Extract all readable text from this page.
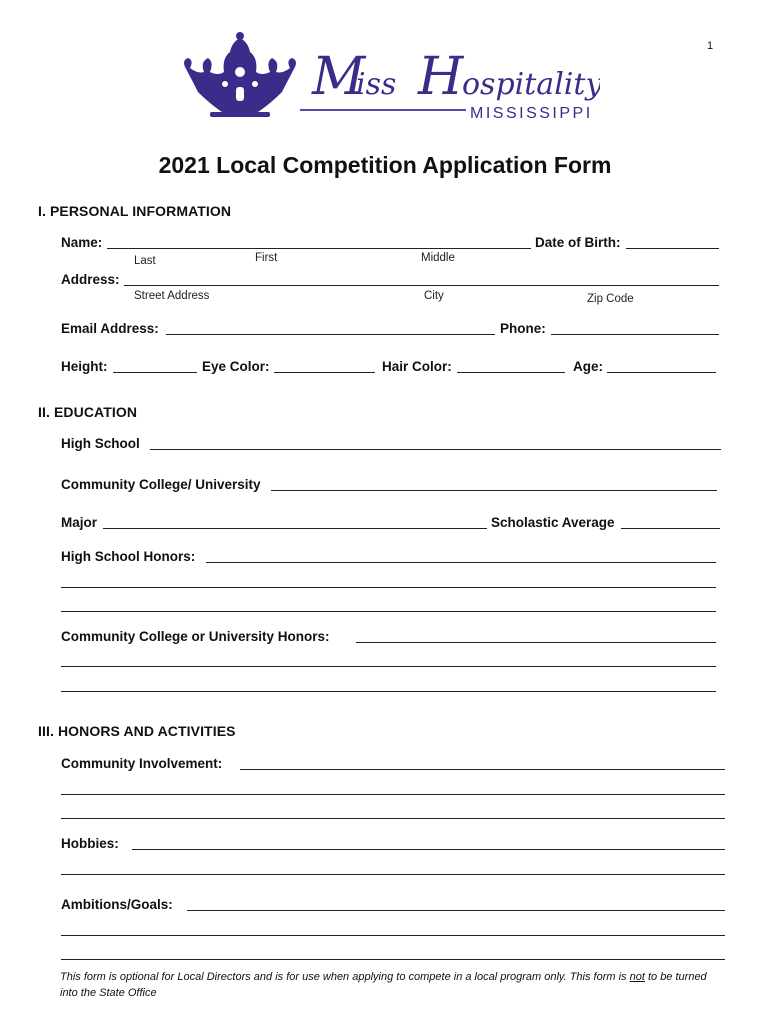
1
M
iss H
ospitality
MISSISSIPPI
2021 Local Competition Application Form
I. PERSONAL INFORMATION
Name:	Date of Birth:
Last	First	Middle
Address:
Street Address	City	Zip Code
Email Address:	Phone:
Height:	Eye Color:	Hair Color:	Age:
II. EDUCATION
High School
Community College/ University
Major	Scholastic Average
High School Honors:
Community College or University Honors:
III. HONORS AND ACTIVITIES
Community Involvement:
Hobbies:
Ambitions/Goals:
This form is optional for Local Directors and is for use when applying to compete in a local program only. This form is not to be turned into the State Office
